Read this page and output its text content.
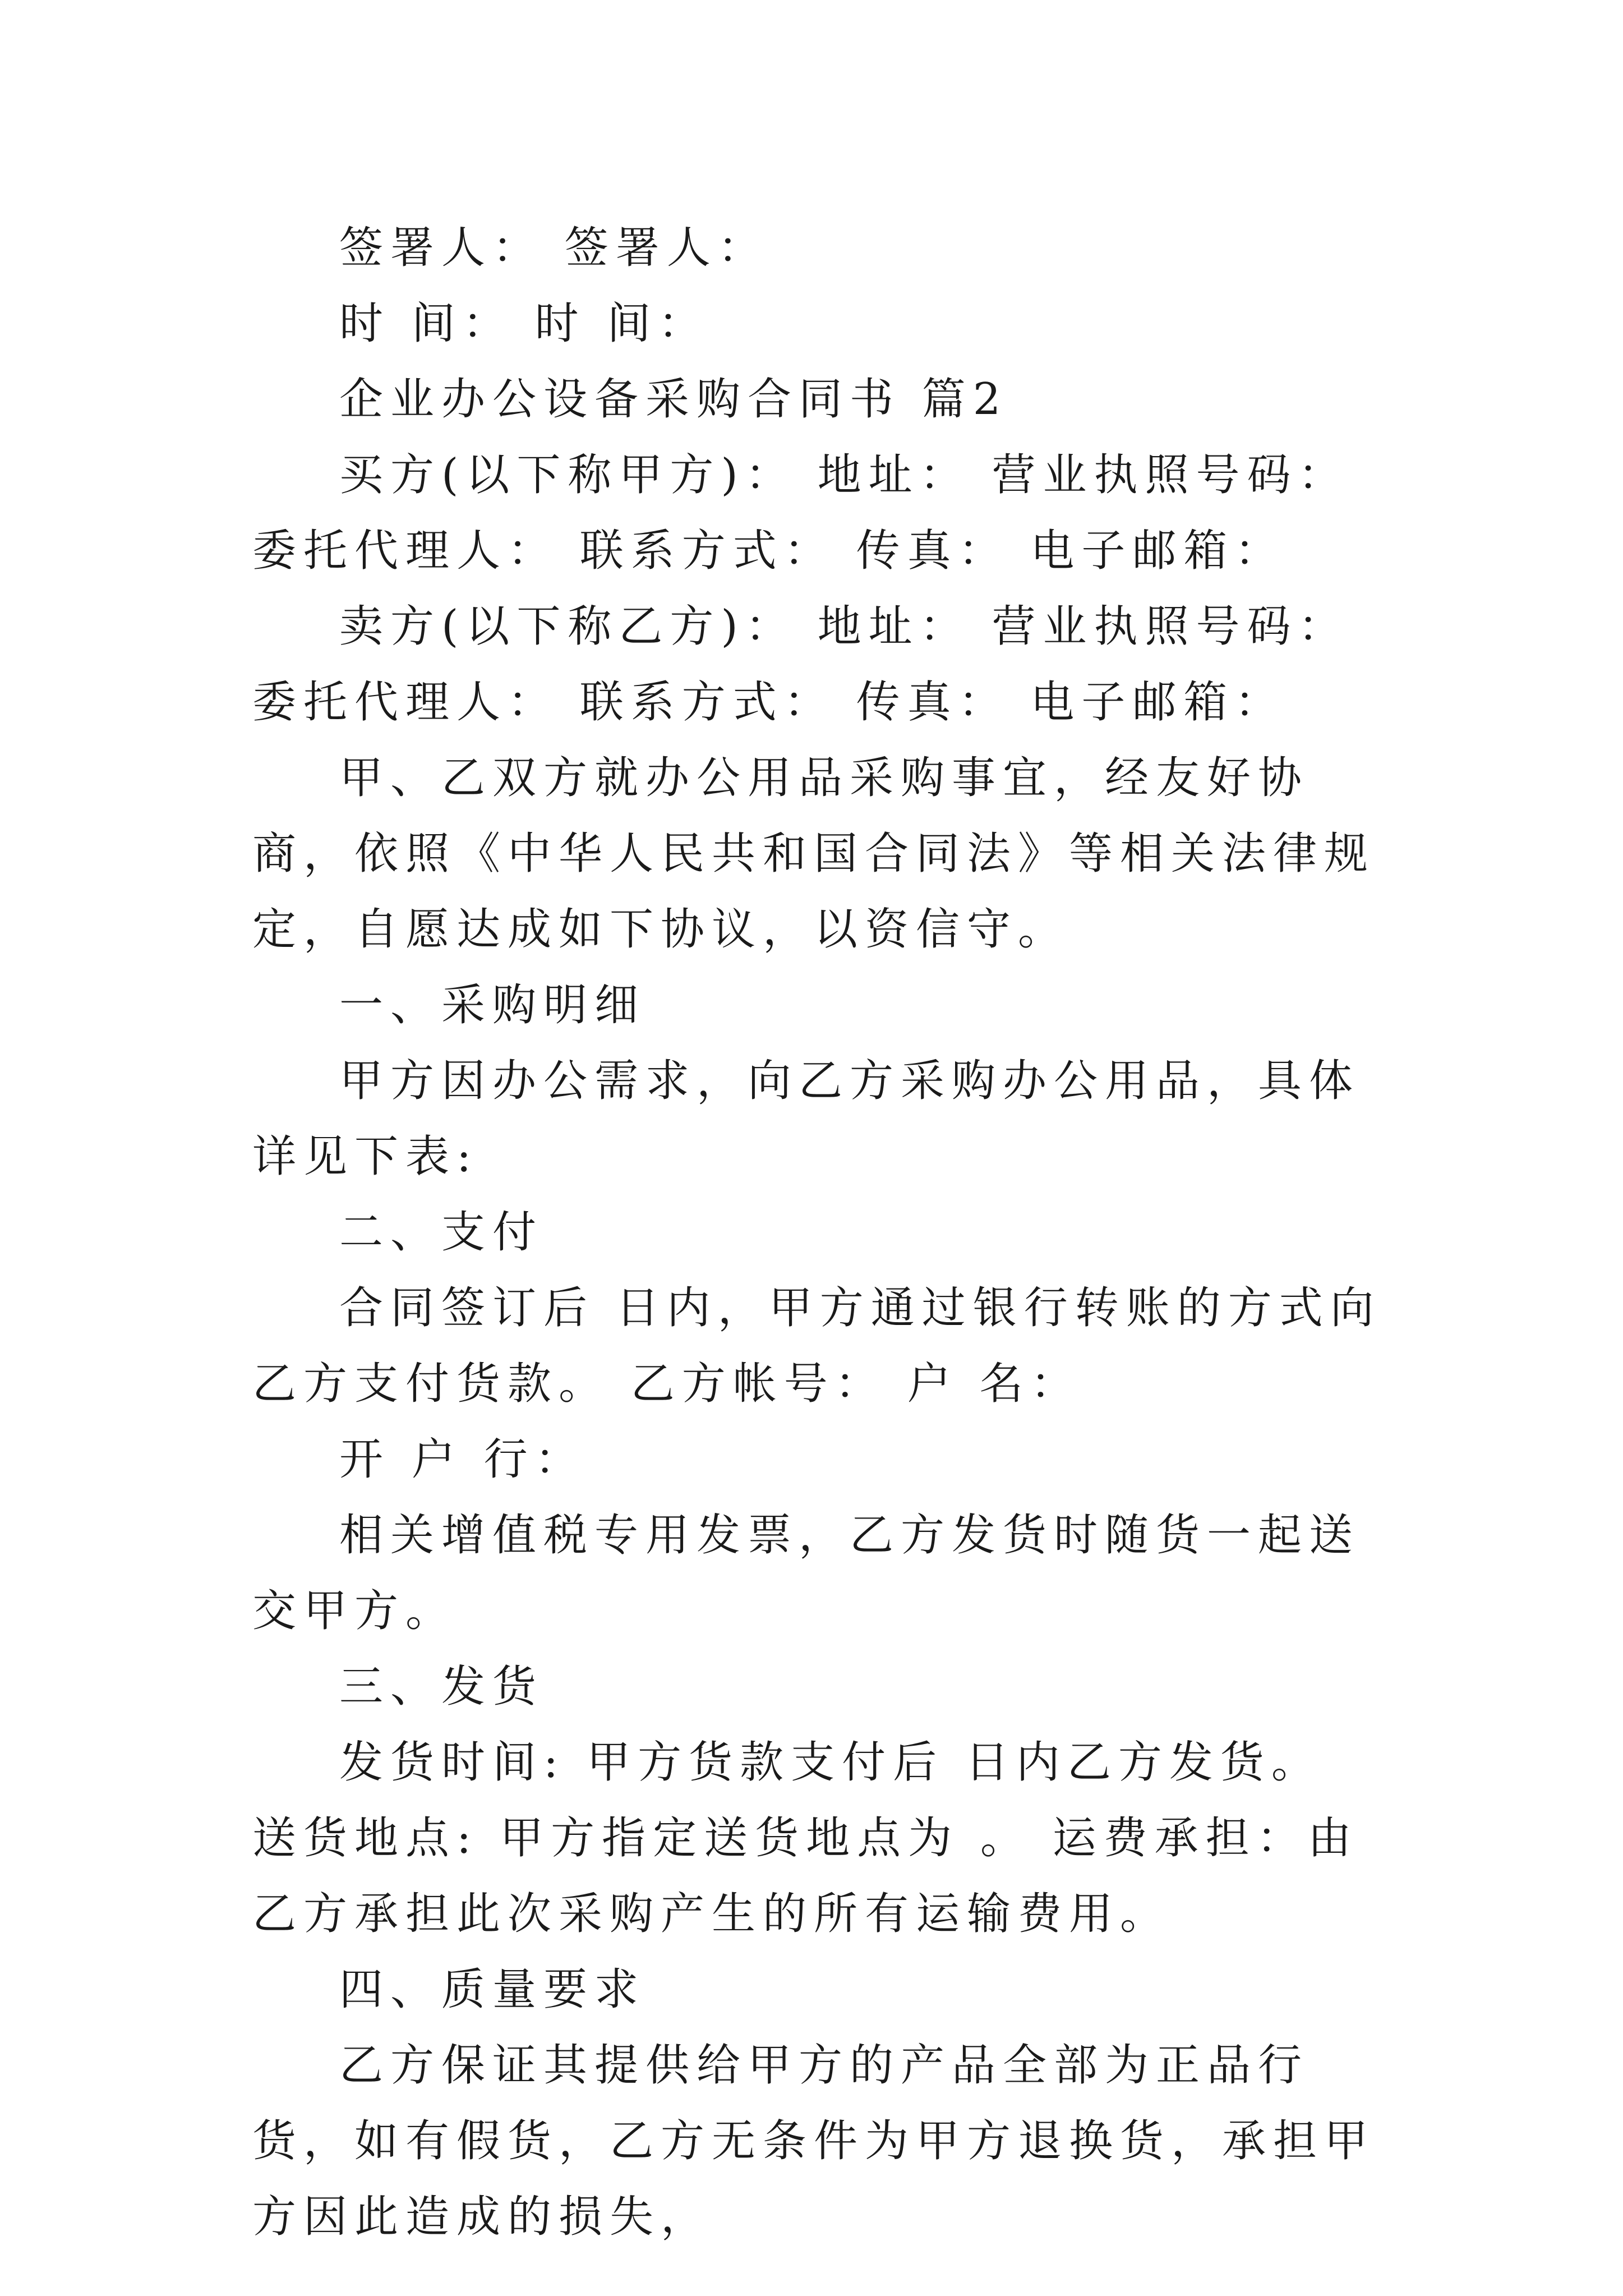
签署人： 签署人：

时 间： 时 间：

企业办公设备采购合同书 篇2

买方(以下称甲方)： 地址： 营业执照号码： 委托代理人： 联系方式： 传真： 电子邮箱：

卖方(以下称乙方)： 地址： 营业执照号码： 委托代理人： 联系方式： 传真： 电子邮箱：

甲、乙双方就办公用品采购事宜，经友好协商，依照《中华人民共和国合同法》等相关法律规定，自愿达成如下协议，以资信守。

一、采购明细

甲方因办公需求，向乙方采购办公用品，具体详见下表:

二、支付

合同签订后 日内，甲方通过银行转账的方式向乙方支付货款。 乙方帐号： 户 名：

开 户 行：

相关增值税专用发票，乙方发货时随货一起送交甲方。

三、发货

发货时间: 甲方货款支付后 日内乙方发货。 送货地点: 甲方指定送货地点为 。 运费承担：由乙方承担此次采购产生的所有运输费用。

四、质量要求

乙方保证其提供给甲方的产品全部为正品行货，如有假货，乙方无条件为甲方退换货，承担甲方因此造成的损失，
